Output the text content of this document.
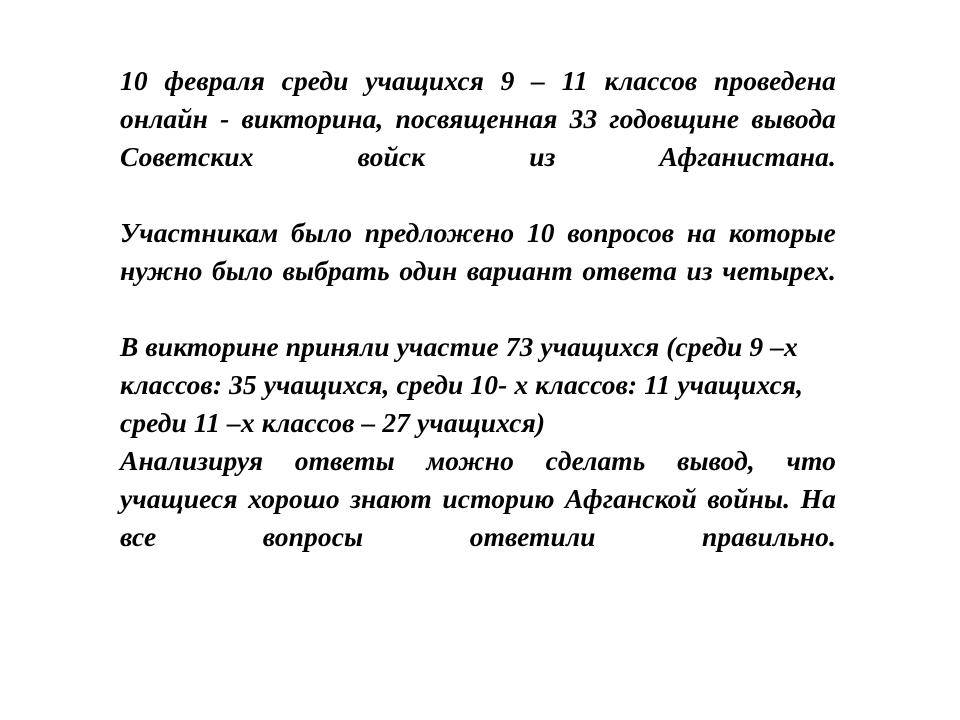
10 февраля среди учащихся 9 – 11 классов проведена онлайн - викторина, посвященная 33 годовщине вывода Советских войск из Афганистана.

Участникам было предложено 10 вопросов на которые нужно было выбрать один вариант ответа из четырех.

В викторине приняли участие 73 учащихся (среди 9 –х классов: 35 учащихся, среди 10- х классов: 11 учащихся, среди 11 –х классов – 27 учащихся)

Анализируя ответы можно сделать вывод, что учащиеся хорошо знают историю Афганской войны. На все вопросы ответили правильно.
